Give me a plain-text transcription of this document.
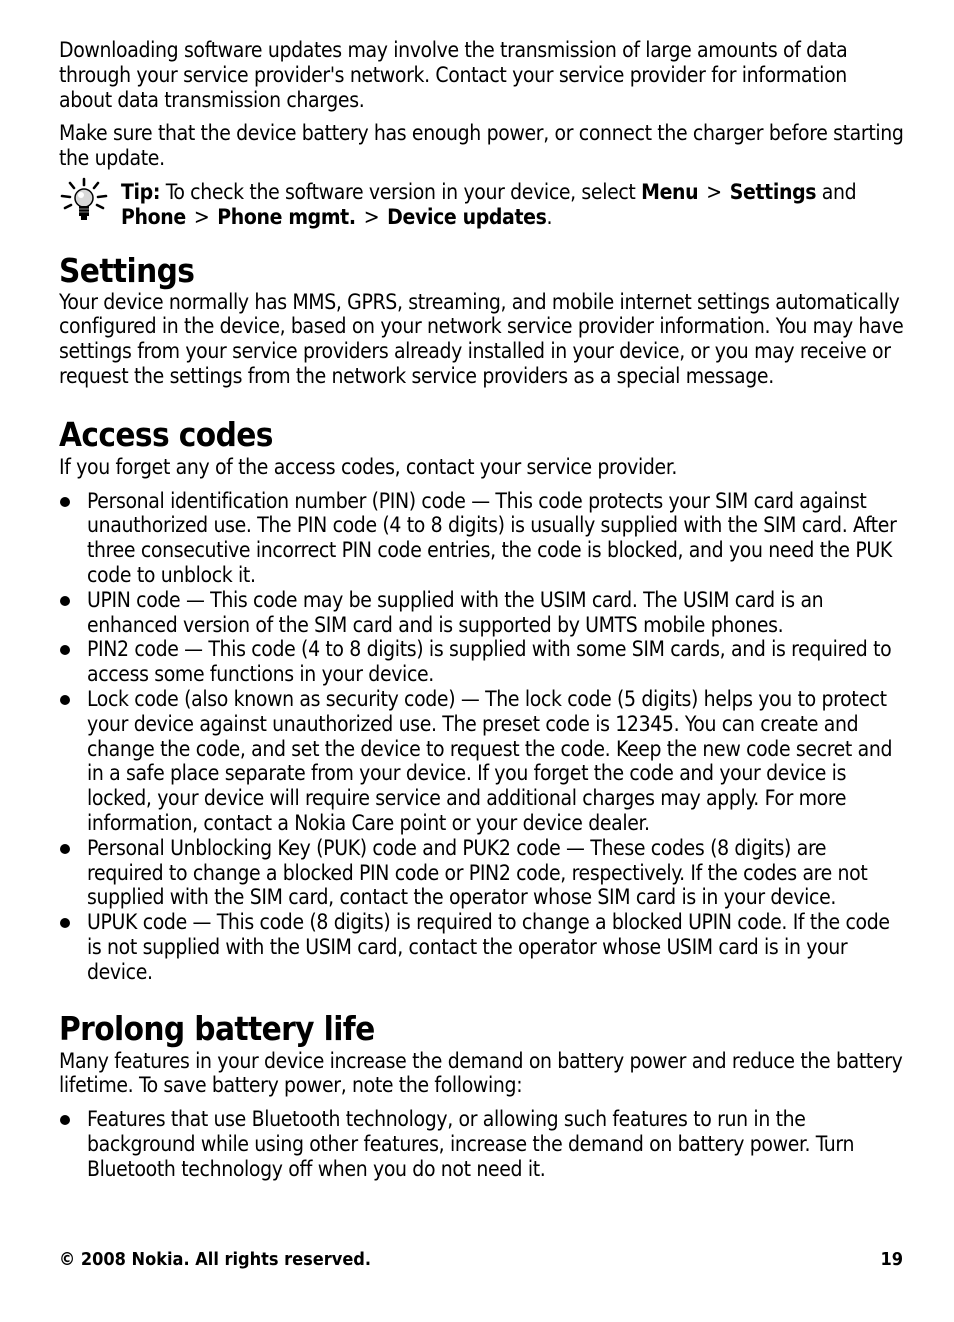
Downloading software updates may involve the transmission of large amounts of data through your service provider's network. Contact your service provider for information about data transmission charges.

Make sure that the device battery has enough power, or connect the charger before starting the update.

Tip: To check the software version in your device, select Menu > Settings and
Phone > Phone mgmt. > Device updates.

Settings

Your device normally has MMS, GPRS, streaming, and mobile internet settings automatically configured in the device, based on your network service provider information. You may have settings from your service providers already installed in your device, or you may receive or request the settings from the network service providers as a special message.

Access codes

If you forget any of the access codes, contact your service provider.

Personal identification number (PIN) code — This code protects your SIM card against unauthorized use. The PIN code (4 to 8 digits) is usually supplied with the SIM card. After three consecutive incorrect PIN code entries, the code is blocked, and you need the PUK code to unblock it.
UPIN code — This code may be supplied with the USIM card. The USIM card is an enhanced version of the SIM card and is supported by UMTS mobile phones.
PIN2 code — This code (4 to 8 digits) is supplied with some SIM cards, and is required to access some functions in your device.
Lock code (also known as security code) — The lock code (5 digits) helps you to protect your device against unauthorized use. The preset code is 12345. You can create and change the code, and set the device to request the code. Keep the new code secret and in a safe place separate from your device. If you forget the code and your device is locked, your device will require service and additional charges may apply. For more information, contact a Nokia Care point or your device dealer.
Personal Unblocking Key (PUK) code and PUK2 code — These codes (8 digits) are required to change a blocked PIN code or PIN2 code, respectively. If the codes are not supplied with the SIM card, contact the operator whose SIM card is in your device.
UPUK code — This code (8 digits) is required to change a blocked UPIN code. If the code is not supplied with the USIM card, contact the operator whose USIM card is in your device.
Prolong battery life

Many features in your device increase the demand on battery power and reduce the battery lifetime. To save battery power, note the following:

Features that use Bluetooth technology, or allowing such features to run in the background while using other features, increase the demand on battery power. Turn Bluetooth technology off when you do not need it.
© 2008 Nokia. All rights reserved.	19
